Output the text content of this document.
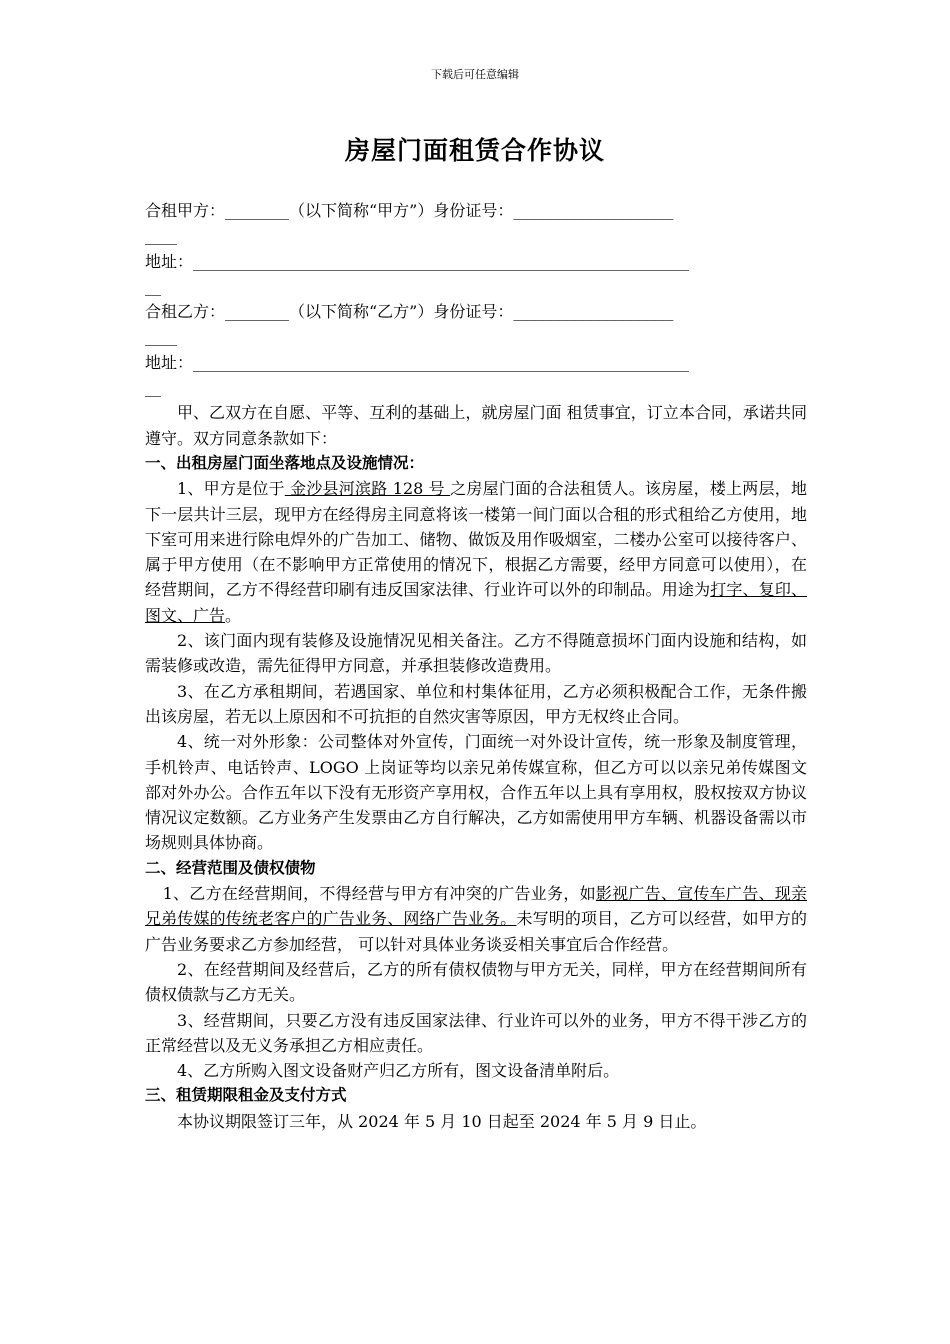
下载后可任意编辑
房屋门面租赁合作协议
合租甲方：________（以下简称“甲方”）身份证号：____________________
____
地址：______________________________________________________________
__
合租乙方：________（以下简称“乙方”）身份证号：____________________
____
地址：______________________________________________________________
__

甲、乙双方在自愿、平等、互利的基础上，就房屋门面 租赁事宜，订立本合同，承诺共同遵守。双方同意条款如下：

一、出租房屋门面坐落地点及设施情况：

1、甲方是位于 金沙县河滨路 128 号 之房屋门面的合法租赁人。该房屋，楼上两层，地下一层共计三层，现甲方在经得房主同意将该一楼第一间门面以合租的形式租给乙方使用，地下室可用来进行除电焊外的广告加工、储物、做饭及用作吸烟室，二楼办公室可以接待客户、属于甲方使用（在不影响甲方正常使用的情况下，根据乙方需要，经甲方同意可以使用），在经营期间，乙方不得经营印刷有违反国家法律、行业许可以外的印制品。用途为打字、复印、图文、广告。

2、该门面内现有装修及设施情况见相关备注。乙方不得随意损坏门面内设施和结构，如需装修或改造，需先征得甲方同意，并承担装修改造费用。

3、在乙方承租期间，若遇国家、单位和村集体征用，乙方必须积极配合工作，无条件搬出该房屋，若无以上原因和不可抗拒的自然灾害等原因，甲方无权终止合同。

4、统一对外形象：公司整体对外宣传，门面统一对外设计宣传，统一形象及制度管理，手机铃声、电话铃声、LOGO 上岗证等均以亲兄弟传媒宣称，但乙方可以以亲兄弟传媒图文部对外办公。合作五年以下没有无形资产享用权，合作五年以上具有享用权，股权按双方协议情况议定数额。乙方业务产生发票由乙方自行解决，乙方如需使用甲方车辆、机器设备需以市场规则具体协商。

二、经营范围及债权债物

1、乙方在经营期间，不得经营与甲方有冲突的广告业务，如影视广告、宣传车广告、现亲兄弟传媒的传统老客户的广告业务、网络广告业务。未写明的项目，乙方可以经营，如甲方的广告业务要求乙方参加经营， 可以针对具体业务谈妥相关事宜后合作经营。

2、在经营期间及经营后，乙方的所有债权债物与甲方无关，同样，甲方在经营期间所有债权债款与乙方无关。

3、经营期间，只要乙方没有违反国家法律、行业许可以外的业务，甲方不得干涉乙方的正常经营以及无义务承担乙方相应责任。

4、乙方所购入图文设备财产归乙方所有，图文设备清单附后。

三、租赁期限租金及支付方式

本协议期限签订三年，从 2024 年 5 月 10 日起至 2024 年 5 月 9 日止。
